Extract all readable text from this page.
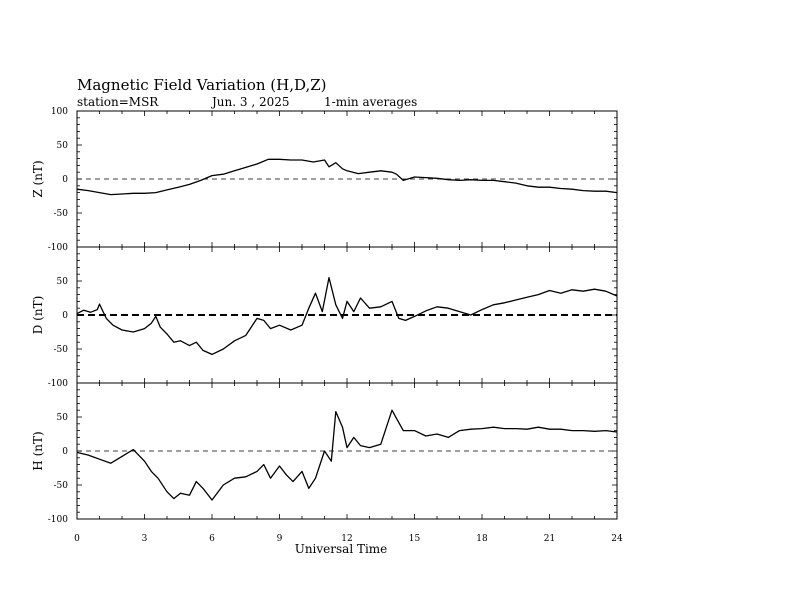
Magnetic Field Variation (H,D,Z)
station=MSR	Jun. 3 , 2025	1-min averages
100
50
0
-50
-100
Z (nT)
50
0
-50
-100
D (nT)
50
0
-50
-100
H (nT)
0	3	6	9	12	15	18	21	24
Universal Time
